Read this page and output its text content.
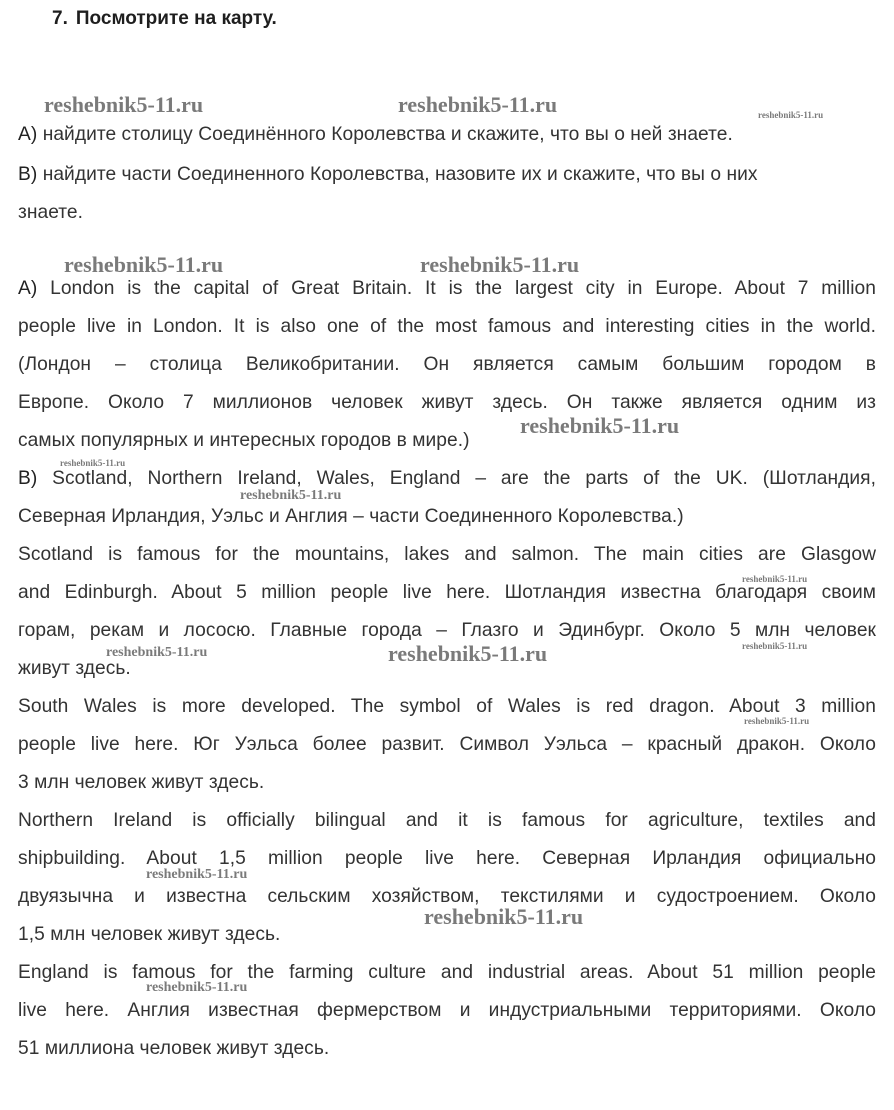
7. Посмотрите на карту.
A) найдите столицу Соединённого Королевства и скажите, что вы о ней знаете.
B) найдите части Соединенного Королевства, назовите их и скажите, что вы о них
знаете.
A) London is the capital of Great Britain. It is the largest city in Europe. About 7 million
people live in London. It is also one of the most famous and interesting cities in the world.
(Лондон – столица Великобритании. Он является самым большим городом в
Европе. Около 7 миллионов человек живут здесь. Он также является одним из
самых популярных и интересных городов в мире.)
B) Scotland, Northern Ireland, Wales, England – are the parts of the UK. (Шотландия,
Северная Ирландия, Уэльс и Англия – части Соединенного Королевства.)
Scotland is famous for the mountains, lakes and salmon. The main cities are Glasgow
and Edinburgh. About 5 million people live here. Шотландия известна благодаря своим
горам, рекам и лососю. Главные города – Глазго и Эдинбург. Около 5 млн человек
живут здесь.
South Wales is more developed. The symbol of Wales is red dragon. About 3 million
people live here. Юг Уэльса более развит. Символ Уэльса – красный дракон. Около
3 млн человек живут здесь.
Northern Ireland is officially bilingual and it is famous for agriculture, textiles and
shipbuilding. About 1,5 million people live here. Северная Ирландия официально
двуязычна и известна сельским хозяйством, текстилями и судостроением. Около
1,5 млн человек живут здесь.
England is famous for the farming culture and industrial areas. About 51 million people
live here. Англия известная фермерством и индустриальными территориями. Около
51 миллиона человек живут здесь.
reshebnik5-11.ru	reshebnik5-11.ru	reshebnik5-11.ru
reshebnik5-11.ru	reshebnik5-11.ru
reshebnik5-11.ru
reshebnik5-11.ru
reshebnik5-11.ru
reshebnik5-11.ru
reshebnik5-11.ru
reshebnik5-11.ru	reshebnik5-11.ru
reshebnik5-11.ru
reshebnik5-11.ru
reshebnik5-11.ru
reshebnik5-11.ru
